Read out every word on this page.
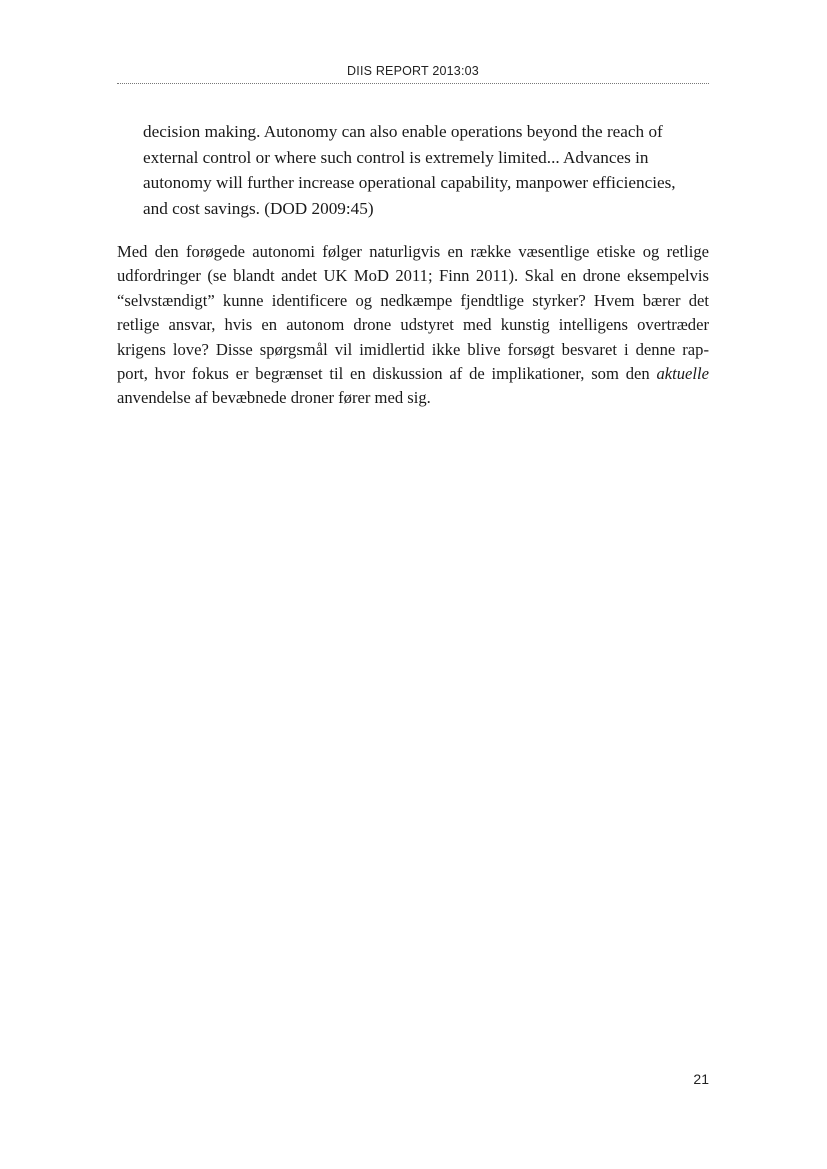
DIIS REPORT 2013:03
decision making. Autonomy can also enable operations beyond the reach of
external control or where such control is extremely limited... Advances in
autonomy will further increase operational capability, manpower efficiencies,
and cost savings. (DOD 2009:45)

Med den forøgede autonomi følger naturligvis en række væsentlige etiske og retlige
udfordringer (se blandt andet UK MoD 2011; Finn 2011). Skal en drone eksempelvis
“selvstændigt” kunne identificere og nedkæmpe fjendtlige styrker? Hvem bærer det
retlige ansvar, hvis en autonom drone udstyret med kunstig intelligens overtræder
krigens love? Disse spørgsmål vil imidlertid ikke blive forsøgt besvaret i denne rap-
port, hvor fokus er begrænset til en diskussion af de implikationer, som den aktuelle
anvendelse af bevæbnede droner fører med sig.

21
